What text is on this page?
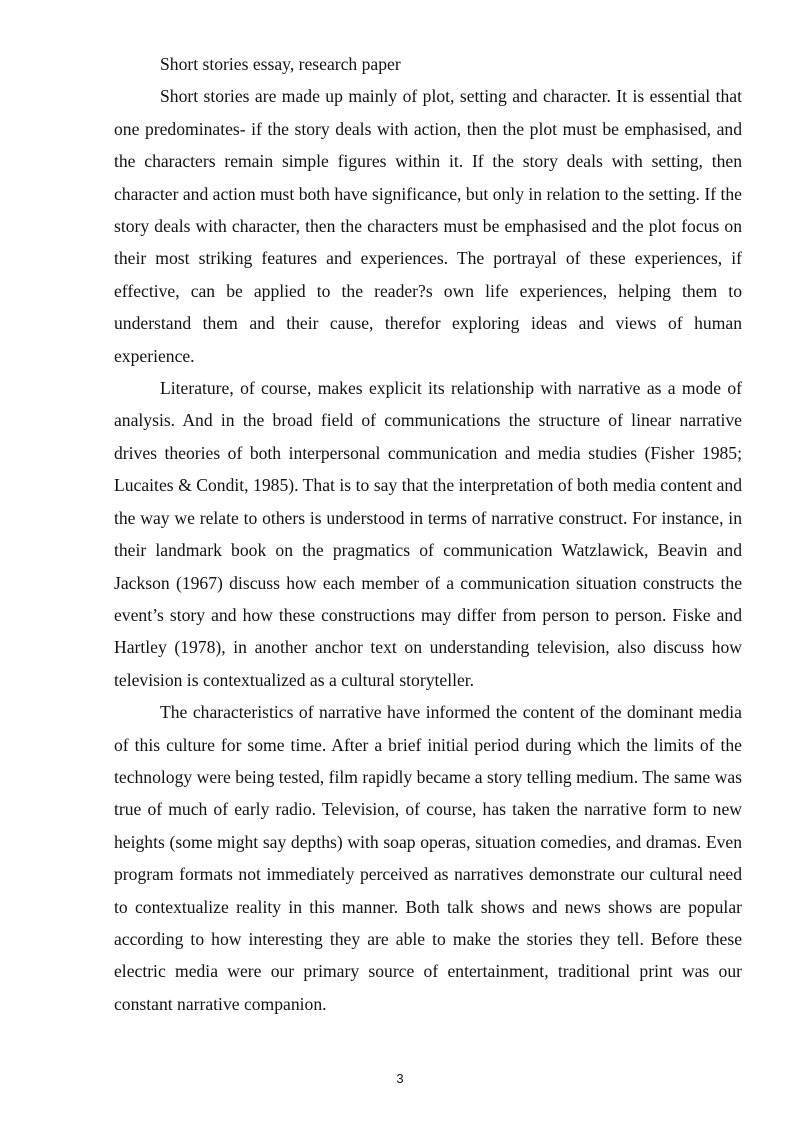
Short stories essay, research paper

Short stories are made up mainly of plot, setting and character. It is essential that one predominates- if the story deals with action, then the plot must be emphasised, and the characters remain simple figures within it. If the story deals with setting, then character and action must both have significance, but only in relation to the setting. If the story deals with character, then the characters must be emphasised and the plot focus on their most striking features and experiences. The portrayal of these experiences, if effective, can be applied to the reader?s own life experiences, helping them to understand them and their cause, therefor exploring ideas and views of human experience.

Literature, of course, makes explicit its relationship with narrative as a mode of analysis. And in the broad field of communications the structure of linear narrative drives theories of both interpersonal communication and media studies (Fisher 1985; Lucaites & Condit, 1985). That is to say that the interpretation of both media content and the way we relate to others is understood in terms of narrative construct. For instance, in their landmark book on the pragmatics of communication Watzlawick, Beavin and Jackson (1967) discuss how each member of a communication situation constructs the event’s story and how these constructions may differ from person to person. Fiske and Hartley (1978), in another anchor text on understanding television, also discuss how television is contextualized as a cultural storyteller.

The characteristics of narrative have informed the content of the dominant media of this culture for some time. After a brief initial period during which the limits of the technology were being tested, film rapidly became a story telling medium. The same was true of much of early radio. Television, of course, has taken the narrative form to new heights (some might say depths) with soap operas, situation comedies, and dramas. Even program formats not immediately perceived as narratives demonstrate our cultural need to contextualize reality in this manner. Both talk shows and news shows are popular according to how interesting they are able to make the stories they tell. Before these electric media were our primary source of entertainment, traditional print was our constant narrative companion.

3
